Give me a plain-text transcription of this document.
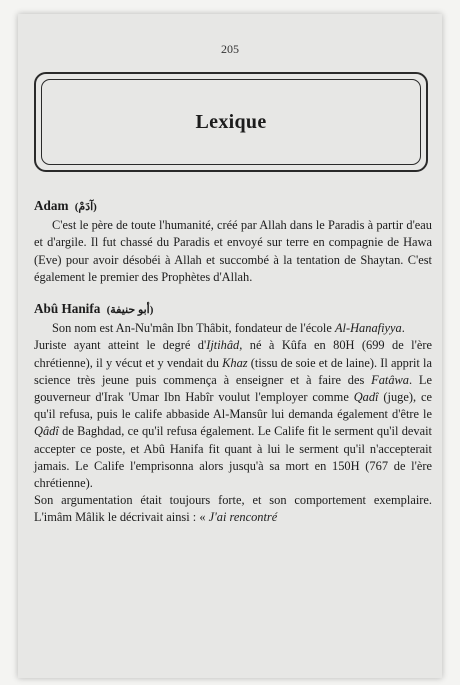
205
Lexique
Adam (آدَمْ)

C'est le père de toute l'humanité, créé par Allah dans le Paradis à partir d'eau et d'argile. Il fut chassé du Paradis et envoyé sur terre en compagnie de Hawa (Eve) pour avoir désobéi à Allah et succombé à la tentation de Shaytan. C'est également le premier des Prophètes d'Allah.

Abû Hanifa (أبو حنيفة)

Son nom est An-Nu'mân Ibn Thâbit, fondateur de l'école Al-Hanafiyya.

Juriste ayant atteint le degré d'Ijtihâd, né à Kûfa en 80H (699 de l'ère chrétienne), il y vécut et y vendait du Khaz (tissu de soie et de laine). Il apprit la science très jeune puis commença à enseigner et à faire des Fatâwa. Le gouverneur d'Irak 'Umar Ibn Habîr voulut l'employer comme Qadî (juge), ce qu'il refusa, puis le calife abbaside Al-Mansûr lui demanda également d'être le Qâdî de Baghdad, ce qu'il refusa également. Le Calife fit le serment qu'il devait accepter ce poste, et Abû Hanifa fit quant à lui le serment qu'il n'accepterait jamais. Le Calife l'emprisonna alors jusqu'à sa mort en 150H (767 de l'ère chrétienne).

Son argumentation était toujours forte, et son comportement exemplaire. L'imâm Mâlik le décrivait ainsi : « J'ai rencontré
